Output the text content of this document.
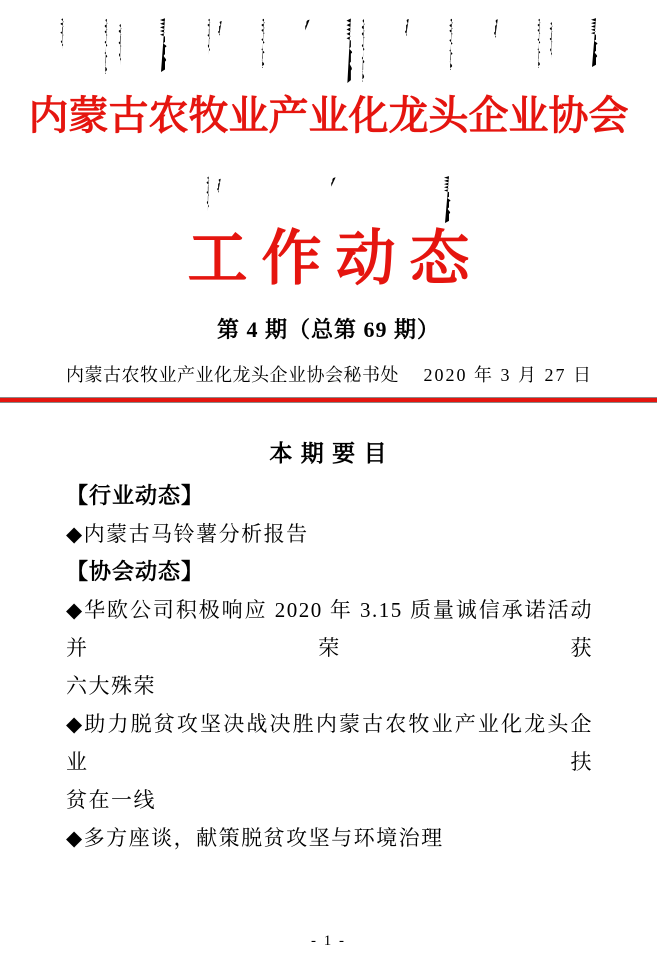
内蒙古农牧业产业化龙头企业协会
工作动态
第 4 期（总第 69 期）
内蒙古农牧业产业化龙头企业协会秘书处 2020 年 3 月 27 日
本 期 要 目
【行业动态】
◆内蒙古马铃薯分析报告
【协会动态】
◆华欧公司积极响应 2020 年 3.15 质量诚信承诺活动并荣获
六大殊荣
◆助力脱贫攻坚决战决胜内蒙古农牧业产业化龙头企业扶
贫在一线
◆多方座谈，献策脱贫攻坚与环境治理
- 1 -
